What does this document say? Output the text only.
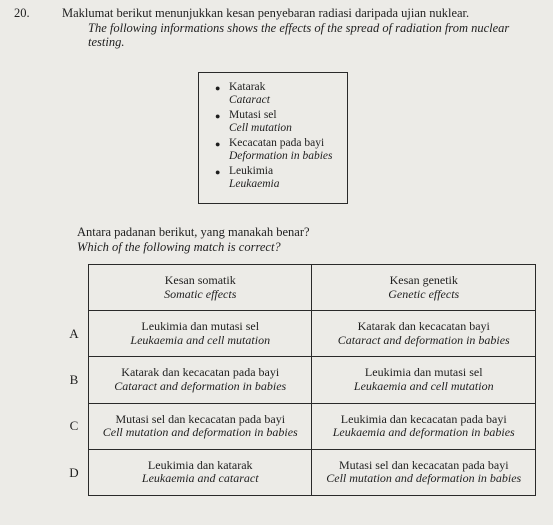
20.	Maklumat berikut menunjukkan kesan penyebaran radiasi daripada ujian nuklear.
The following informations shows the effects of the spread of radiation from nuclear testing.
● Katarak
Cataract
● Mutasi sel
Cell mutation
● Kecacatan pada bayi
Deformation in babies
● Leukimia
Leukaemia
Antara padanan berikut, yang manakah benar?
Which of the following match is correct?

	Kesan somatik
Somatic effects	Kesan genetik
Genetic effects

A	Leukimia dan mutasi sel
Leukaemia and cell mutation	Katarak dan kecacatan bayi
Cataract and deformation in babies

B	Katarak dan kecacatan pada bayi
Cataract and deformation in babies	Leukimia dan mutasi sel
Leukaemia and cell mutation

C	Mutasi sel dan kecacatan pada bayi
Cell mutation and deformation in babies	Leukimia dan kecacatan pada bayi
Leukaemia and deformation in babies

D	Leukimia dan katarak
Leukaemia and cataract	Mutasi sel dan kecacatan pada bayi
Cell mutation and deformation in babies
